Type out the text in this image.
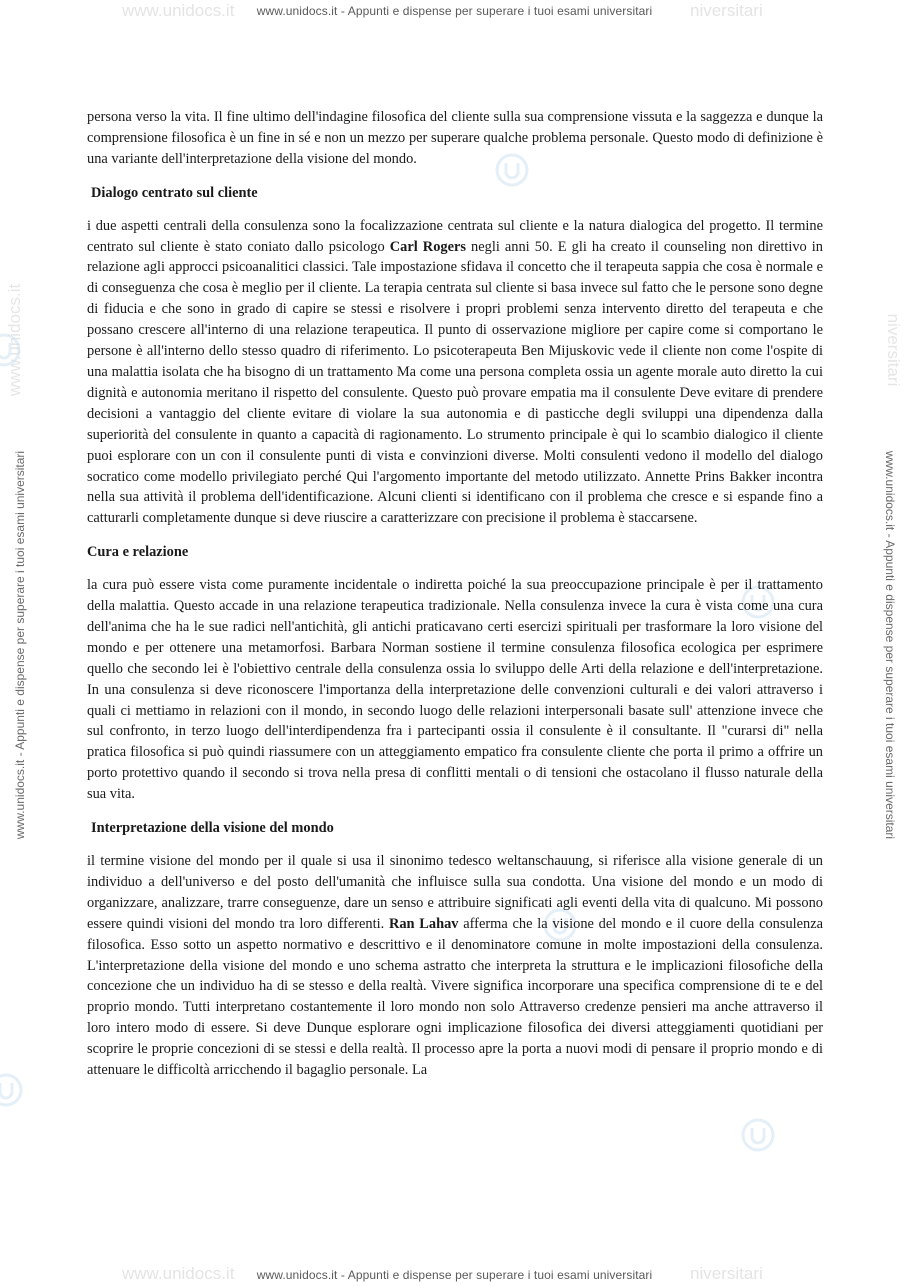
www.unidocs.it	niversitari
www.unidocs.it - Appunti e dispense per superare i tuoi esami universitari
www.unidocs.it	niversitari
www.unidocs.it - Appunti e dispense per superare i tuoi esami universitari
www.unidocs.it - Appunti e dispense per superare i tuoi esami universitari	www.unidocs.it - Appunti e dispense per superare i tuoi esami universitari
www.unidocs.it	niversitari

persona verso la vita. Il fine ultimo dell'indagine filosofica del cliente sulla sua comprensione vissuta e la saggezza e dunque la comprensione filosofica è un fine in sé e non un mezzo per superare qualche problema personale. Questo modo di definizione è una variante dell'interpretazione della visione del mondo.

Dialogo centrato sul cliente

i due aspetti centrali della consulenza sono la focalizzazione centrata sul cliente e la natura dialogica del progetto. Il termine centrato sul cliente è stato coniato dallo psicologo Carl Rogers negli anni 50. E gli ha creato il counseling non direttivo in relazione agli approcci psicoanalitici classici. Tale impostazione sfidava il concetto che il terapeuta sappia che cosa è normale e di conseguenza che cosa è meglio per il cliente. La terapia centrata sul cliente si basa invece sul fatto che le persone sono degne di fiducia e che sono in grado di capire se stessi e risolvere i propri problemi senza intervento diretto del terapeuta e che possano crescere all'interno di una relazione terapeutica. Il punto di osservazione migliore per capire come si comportano le persone è all'interno dello stesso quadro di riferimento. Lo psicoterapeuta Ben Mijuskovic vede il cliente non come l'ospite di una malattia isolata che ha bisogno di un trattamento Ma come una persona completa ossia un agente morale auto diretto la cui dignità e autonomia meritano il rispetto del consulente. Questo può provare empatia ma il consulente Deve evitare di prendere decisioni a vantaggio del cliente evitare di violare la sua autonomia e di pasticche degli sviluppi una dipendenza dalla superiorità del consulente in quanto a capacità di ragionamento. Lo strumento principale è qui lo scambio dialogico il cliente puoi esplorare con un con il consulente punti di vista e convinzioni diverse. Molti consulenti vedono il modello del dialogo socratico come modello privilegiato perché Qui l'argomento importante del metodo utilizzato. Annette Prins Bakker incontra nella sua attività il problema dell'identificazione. Alcuni clienti si identificano con il problema che cresce e si espande fino a catturarli completamente dunque si deve riuscire a caratterizzare con precisione il problema è staccarsene.

Cura e relazione

la cura può essere vista come puramente incidentale o indiretta poiché la sua preoccupazione principale è per il trattamento della malattia. Questo accade in una relazione terapeutica tradizionale. Nella consulenza invece la cura è vista come una cura dell'anima che ha le sue radici nell'antichità, gli antichi praticavano certi esercizi spirituali per trasformare la loro visione del mondo e per ottenere una metamorfosi. Barbara Norman sostiene il termine consulenza filosofica ecologica per esprimere quello che secondo lei è l'obiettivo centrale della consulenza ossia lo sviluppo delle Arti della relazione e dell'interpretazione. In una consulenza si deve riconoscere l'importanza della interpretazione delle convenzioni culturali e dei valori attraverso i quali ci mettiamo in relazioni con il mondo, in secondo luogo delle relazioni interpersonali basate sull' attenzione invece che sul confronto, in terzo luogo dell'interdipendenza fra i partecipanti ossia il consulente è il consultante. Il "curarsi di" nella pratica filosofica si può quindi riassumere con un atteggiamento empatico fra consulente cliente che porta il primo a offrire un porto protettivo quando il secondo si trova nella presa di conflitti mentali o di tensioni che ostacolano il flusso naturale della sua vita.

Interpretazione della visione del mondo

il termine visione del mondo per il quale si usa il sinonimo tedesco weltanschauung, si riferisce alla visione generale di un individuo a dell'universo e del posto dell'umanità che influisce sulla sua condotta. Una visione del mondo e un modo di organizzare, analizzare, trarre conseguenze, dare un senso e attribuire significati agli eventi della vita di qualcuno. Mi possono essere quindi visioni del mondo tra loro differenti. Ran Lahav afferma che la visione del mondo e il cuore della consulenza filosofica. Esso sotto un aspetto normativo e descrittivo e il denominatore comune in molte impostazioni della consulenza. L'interpretazione della visione del mondo e uno schema astratto che interpreta la struttura e le implicazioni filosofiche della concezione che un individuo ha di se stesso e della realtà. Vivere significa incorporare una specifica comprensione di te e del proprio mondo. Tutti interpretano costantemente il loro mondo non solo Attraverso credenze pensieri ma anche attraverso il loro intero modo di essere. Si deve Dunque esplorare ogni implicazione filosofica dei diversi atteggiamenti quotidiani per scoprire le proprie concezioni di se stessi e della realtà. Il processo apre la porta a nuovi modi di pensare il proprio mondo e di attenuare le difficoltà arricchendo il bagaglio personale. La
